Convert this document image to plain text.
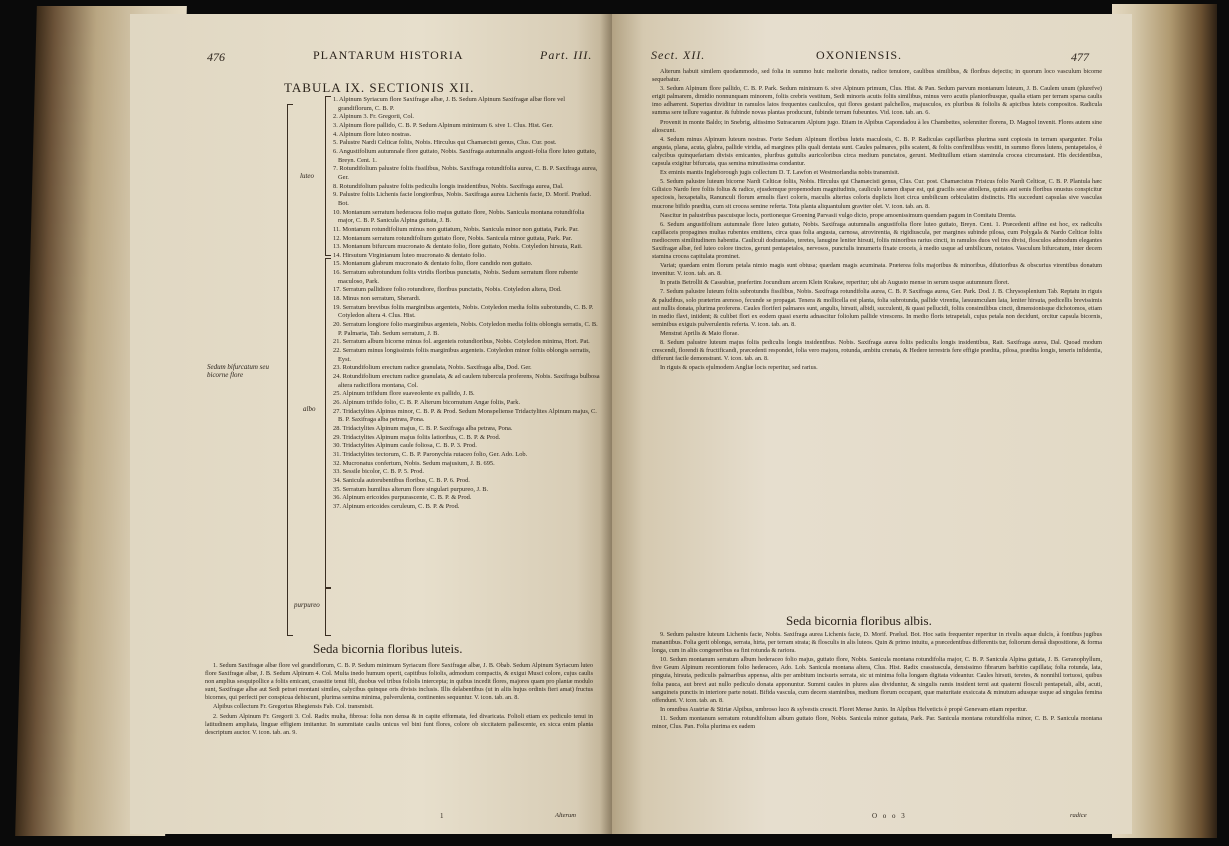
476	PLANTARUM HISTORIA	Part. III.
TABULA IX. SECTIONIS XII.
Sedum bifurcatum seu bicorne flore
luteo
albo
purpureo

1. Alpinum Syriacum flore Saxifragæ albæ, J. B. Sedum Alpinum Saxifragæ albæ flore vel grandiflorum, C. B. P.

2. Alpinum 3. Fr. Gregorii, Col.

3. Alpinum flore pallido, C. B. P. Sedum Alpinum minimum 6. sive 1. Clus. Hist. Ger.

4. Alpinum flore luteo nostras.

5. Palustre Nardi Celticæ foliis, Nobis. Hirculus qui Chamæcisti genus, Clus. Cur. post.

6. Angustifolium autumnale flore guttato, Nobis. Saxifraga autumnalis angusti-folia flore luteo guttato, Breyn. Cent. 1.

7. Rotundifolium palustre foliis fissilibus, Nobis. Saxifraga rotundifolia aurea, C. B. P. Saxifraga aurea, Ger.

8. Rotundifolium palustre foliis pediculis longis insidentibus, Nobis. Saxifraga aurea, Dal.

9. Palustre foliis Lichenis facie longioribus, Nobis. Saxifraga aurea Lichenis facie, D. Morif. Prælud. Bot.

10. Montanum serratum hederacea folio majus guttato flore, Nobis. Sanicula montana rotundifolia major, C. B. P. Sanicula Alpina guttata, J. B.

11. Montanum rotundifolium minus non guttatum, Nobis. Sanicula minor non guttata, Park. Par.

12. Montanum serratum rotundifolium guttato flore, Nobis. Sanicula minor guttata, Park. Par.

13. Montanum bifurcum mucronato & dentato folio, flore guttato, Nobis. Cotyledon hirsuta, Raii.

14. Hirsutum Virginianum luteo mucronato & dentato folio.

15. Montanum glabrum mucronato & dentato folio, flore candido non guttato.

16. Serratum subrotundum foliis viridis floribus punctatis, Nobis. Sedum serratum flore rubente maculoso, Park.

17. Serratum pallidiore folio rotundiore, floribus punctatis, Nobis. Cotyledon altera, Dod.

18. Minus non serratum, Sherardi.

19. Serratum brevibus foliis marginibus argenteis, Nobis. Cotyledon media foliis subrotundis, C. B. P. Cotyledon altera 4. Clus. Hist.

20. Serratum longiore folio marginibus argenteis, Nobis. Cotyledon media foliis oblongis serratis, C. B. P. Palmaria, Tab. Sedum serratum, J. B.

21. Serratum album bicorne minus fol. argenteis rotundioribus, Nobis. Cotyledon minima, Hort. Pat.

22. Serratum minus longissimis foliis marginibus argenteis. Cotyledon minor foliis oblongis serratis, Eyst.

23. Rotundifolium erectum radice granulata, Nobis. Saxifraga alba, Dod. Ger.

24. Rotundifolium erectum radice granulata, & ad caulem tubercula proferens, Nobis. Saxifraga bulbosa altera radiciflora montana, Col.

25. Alpinum trifidum flore suaveolente ex pallido, J. B.

26. Alpinum trifido folio, C. B. P. Alterum bicornutum Angæ foliis, Park.

27. Tridactylites Alpinus minor, C. B. P. & Prod. Sedum Monspeliense Tridactylites Alpinum majus, C. B. P. Saxifraga alba petræa, Pona.

28. Tridactylites Alpinum majus, C. B. P. Saxifraga alba petræa, Pona.

29. Tridactylites Alpinum majus foliis latioribus, C. B. P. & Prod.

30. Tridactylites Alpinum caule foliosa, C. B. P. 3. Prod.

31. Tridactylites tectorum, C. B. P. Paronychia rutaceo folio, Ger. Ado. Lob.

32. Mucronatus confertum, Nobis. Sedum majusium, J. B. 695.

33. Sessile bicolor, C. B. P. 5. Prod.

34. Sanicula autorubentibus floribus, C. B. P. 6. Prod.

35. Serratum humilius alterum flore singulari purpureo, J. B.

36. Alpinum ericoides purpurascente, C. B. P. & Prod.

37. Alpinum ericoides ceruleum, C. B. P. & Prod.

Seda bicornia floribus luteis.

1. Sedum Saxifragæ albæ flore vel grandiflorum, C. B. P. Sedum minimum Syriacum flore Saxifragæ albæ, J. B. Obab. Sedum Alpinum Syriacum luteo flore Saxifragæ albæ, J. B. Sedum Alpinum 4. Col. Multa inedo humum operit, capitibus foliolis, admodum compactis, & exigui Musci colore, cujus caulis non amplius sesquipollice a foliis emicant, crassitie tenui fili, duobus vel tribus foliolis intercepta; in quibus incedit flores, majores quam pro plantæ modulo sunt, Saxifragæ albæ aut Sedi petræi montani similes, calycibus quinque oris divisis inclusis. Illis delabentibus (ut in aliis hujus ordinis fieri amat) fructus bicornes, qui perfecti per conspicua dehiscunt, plurima semina minima, pulverulenta, continentes sequuntur. V. icon. tab. an. 8.

Alpibus collectum Fr. Gregorius Rhegiensis Fab. Col. transmisit.

2. Sedum Alpinum Fr. Gregorii 3. Col. Radix multa, fibrosa: folia non densa & in capite effœmata, fed divaricata. Folioli etiam ex pediculo tenui in latitudinem ampliata, linguæ effigiem imitantur. In summitate caulis unicus vel bini funt flores, colore ob siccitatem pallescente, ex sicca enim planta descriptum auctor. V. icon. tab. an. 9.

1	Alterum
Sect. XII.	OXONIENSIS.	477

Alterum habuit similem quodammodo, sed folia in summo huic meliorie donatis, radice tenuiore, caulibus similibus, & floribus dejectis; in quorum loco vasculum bicorne sequebatur.

3. Sedum Alpinum flore pallido, C. B. P. Park. Sedum minimum 6. sive Alpinum primum, Clus. Hist. & Pan. Sedum parvum montanum luteum, J. B. Caulem unum (plurefve) erigit palmarem, dimidio nonnunquam minorem, foliis crebris vestitum, Sedi minoris acutis foliis similibus, minus vero acutis planioribusque, qualia etiam per terram sparsa caulis imo adhærent. Superius dividitur in ramulos latos frequentes cauliculos, qui flores gestant palchellos, majusculos, ex pluribus & foliolis & apicibus luteis compositos. Radicula summa sere tellure vagantur. & fubinde novas plantas producunt, fubinde terram fubeuntes. Vid. icon. tab. an. 6.

Provenit in monte Baldo; in Snebrig, altissimo Sutracarum Alpium jugo. Etiam in Alpibus Capondadou à les Chambettes, solenniter florens, D. Magnol invenit. Flores autem sine alioscunt.

4. Sedum minus Alpinum luteum nostras. Forte Sedum Alpinum floribus luteis maculosis, C. B. P. Radiculas capillaribus plurima sunt copiosis in terram spargunter. Folia angusta, plana, acuta, glabra, pallide viridia, ad margines pilis quali dentata sunt. Caules palmares, pilis scatent, & foliis confimilibus vestiti, in summo flores lutens, pentapetalos, è calycibus quinquefariam divisis emicantes, pluribus guttulis auricoloribus circa medium punctatos, gerunt. Medituillum etiam staminula crocea circumstant. His decidentibus, capsula exigitur bifurcata, qua semina minutissima condantur.

Ex eminis mantis Ingleborough jugis collectum D. T. Lawfon et Westmorlandia nobis transmisit.

5. Sedum palustre luteum bicorne Nardi Celticæ foliis, Nobis. Hirculus qui Chamæcisti genus, Clus. Cur. post. Chamæcistus Frisicus folio Nardi Celticæ, C. B. P. Plantula hæc Gilisico Nardo fere foliis folius & radice, ejusdemque propemodum magnitudinis, cauliculo tamen dispar est, qui gracilis sese attollens, quinis aut senis floribus onustus conspicitur speciosis, hexapetalis, Ranunculi florum æmulis flavi coloris, maculis alterius coloris duplicis licet circa umbilicum orbiculatim distinctis. His succedunt capsulas sive vasculas mucrone bifido prædita, cum sit crocea semine referta. Tota planta aliquantulum graviter olet. V. icon. tab. an. 8.

Nascitur in palustribus pascuisque locis, portioneque Groening Parvasii vulgo dicto, prope amoenissimum quendam pagum in Comitatu Drenta.

6. Sedum angustifolium autumnale flore luteo guttato, Nobis. Saxifraga autumnalis angustifolia flore luteo guttato, Breyn. Cent. 1. Præcedenti affine est hoc, ex radiculis capillaceis propagines multas rubentes emittens, circa quas folia angusta, carnosa, atrovirentia, & rigidiuscula, per margines subinde pilosa, cum Polygala & Nardo Celticæ foliis mediocrem similitudinem habentia. Cauliculi dodrantales, teretes, lanugine leniter hirsuti, foliis minoribus rarius cincti, in ramulos duos vel tres divisi, flosculos admodum elegantes Saxifragæ albæ, fed luteo colore tinctos, gerunt pentapetalos, nervosos, punctulis innumeris fixate croceis, à medio usque ad umbilicum, notatos. Vasculum bifurcatum, inter decem stamina crocea capitulata prominet.

Variat; quædam enim florum petala nimio magis sunt obtusa; quædam magis acuminata. Præterea folis majoribus & minoribus, dilutioribus & obscurius virentibus donatum invenitur. V. icon. tab. an. 8.

In pratis Betrollii & Cassubiæ, præfertim Jocundium arcem Klein Krakaw, reperitur; ubi ab Augusto mense in serum usque autumnum floret.

7. Sedum palustre luteum foliis subrotundis fissilibus, Nobis. Saxifraga rotundifolia aurea, C. B. P. Saxifraga aurea, Ger. Park. Dod. J. B. Chrysosplenium Tab. Reptatu in riguis & paludibus, solo præterim arenoso, fecunde se propagat. Tenera & mollicella est planta, folia subrotunda, pallide virentia, læsuumculam lata, leniter hirsuta, pedicellis brevissimis aut nullis donata, plurima proferens. Caules floriferi palmares sunt, angulis, hirsuti, albidi, succulenti, & quasi pellucidi, foliis consimilibus cincti, dimensionisque dichotomos, etiam in medio flavi, iniident; & culibet flori ex eodem quasi exertu adnascitur foliolum pallide virescens. In medio floris tetrapetali, cujus petala non decidunt, orcitur capsula bicornis, seminibus exiguis pulverulentis referta. V. icon. tab. an. 8.

Menstrat Aprilis & Maio florae.

8. Sedum palustre luteum majus foliis pediculis longis insidentibus. Nobis. Saxifraga aurea foliis pediculis longis insidentibus, Rait. Saxifraga aurea, Dal. Quoad modum crescendi, florendi & fructificandi, præcedenti respondet, folia vero majora, rotunda, ambitu crenata, & Hedere terrestris fere effigie prædita, pilosa, prædita longis, teneris infidentia, differunt facile demonstrant. V. icon. tab. an. 8.

In riguis & opacis ejulmodem Angliæ locis reperitur, sed rarius.

Seda bicornia floribus albis.

9. Sedum palustre luteum Lichenis facie, Nobis. Saxifraga aurea Lichenis facie, D. Morif. Prælud. Bot. Hoc satis frequenter reperitur in rivulis aquæ dulcis, à fontibus jugibus manantibus. Folia gerit oblonga, serrata, hirta, per terram strata; & flosculis in alis luteos. Quin & primo intuitu, a præcedentibus differentis tur, foliorum densâ dispositione, & forma longa, cum in aliis congeneribus ea fint rotunda & rariora.

10. Sedum montanum serratum album hederaceo folio majus, guttato flore, Nobis. Sanicula montana rotundifolia major, C. B. P. Sanicula Alpina guttata, J. B. Geranophyllum, five Geum Alpinum recentiorum folio hederaceo, Ado. Lob. Sanicula montana altera, Clus. Hist. Radix crassiuscula, densissimo fibrarum barbitio capillata; folia rotunda, lata, pinguia, hirsuta, pediculis palmaribus appensa, altis per ambitum incisuris serrata, sic ut minima folia longam digitata videantur. Caules hirsuti, teretes, & nonnihil tortuosi, quibus folia pauca, aut brevi aut nullo pediculo donata apponuntur. Summi caules in plures alas dividuntur, & singulis ramis insident terni aut quaterni flosculi pentapetali, albi, acuti, sanguineis punctis in interiore parte notati. Bifida vascula, cum decem staminibus, medium florum occupant, quæ maturitate exsiccata & minutum adusque usque ad singulas femina offendunt. V. icon. tab. an. 8.

In omnibus Austriæ & Stiriæ Alpibus, umbroso luco & sylvestis crescit. Floret Mense Junio. In Alpibus Helveticis è propè Genevam etiam reperitur.

11. Sedum montanum serratum rotundifolium album guttato flore, Nobis. Sanicula minor guttata, Park. Par. Sanicula montana rotundifolia minor, C. B. P. Sanicula montana minor, Clus. Pan. Folia plurima ex eadem

O o o 3	radice
